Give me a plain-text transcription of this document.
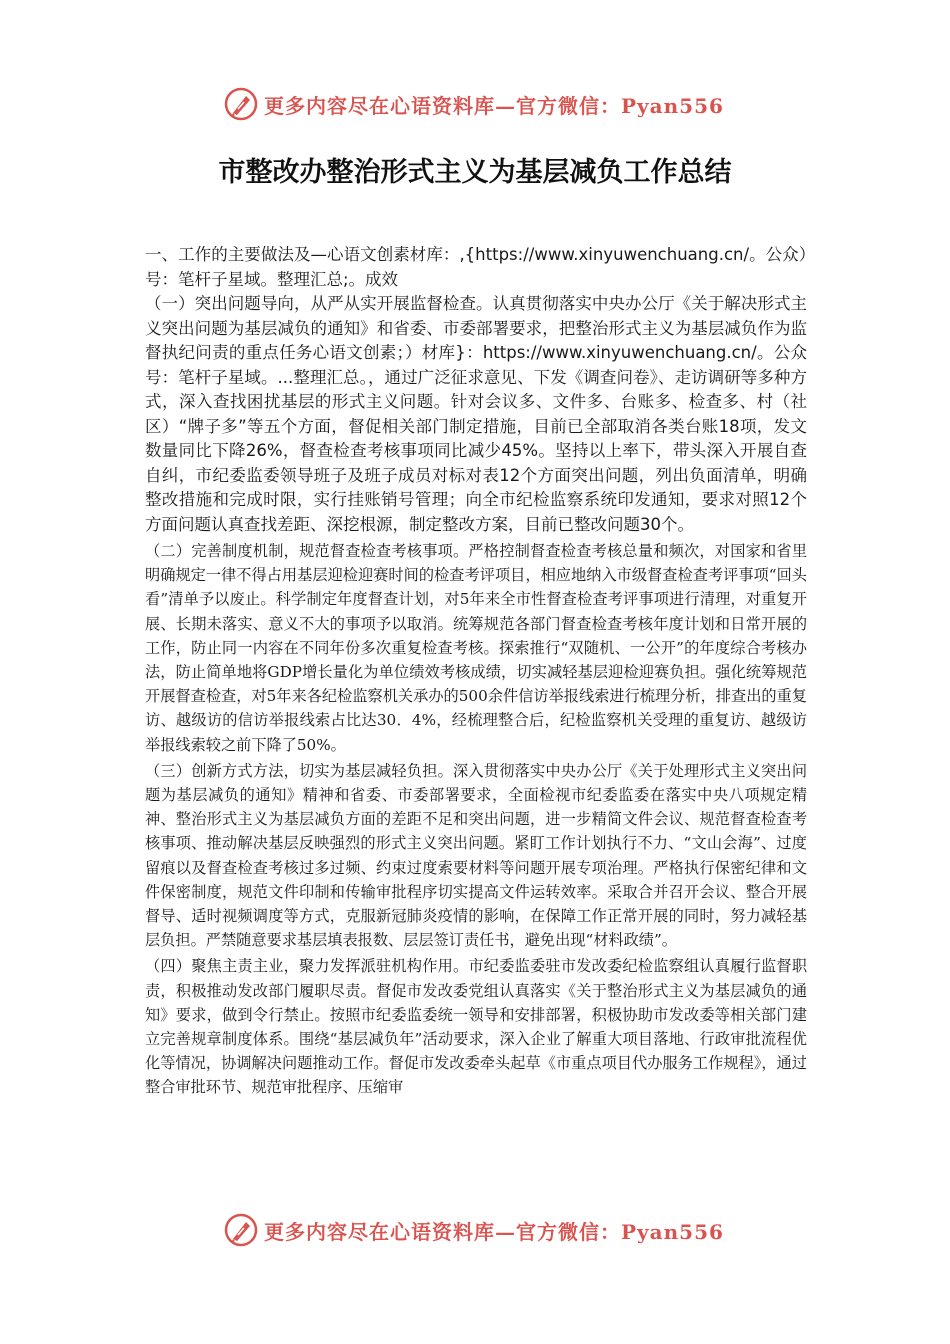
更多内容尽在心语资料库—官方微信：Pyan556
市整改办整治形式主义为基层减负工作总结

一、工作的主要做法及—心语文创素材库：,{https://www.xinyuwenchuang.cn/。公众）号：笔杆子星域。整理汇总;。成效

（一）突出问题导向，从严从实开展监督检查。认真贯彻落实中央办公厅《关于解决形式主义突出问题为基层减负的通知》和省委、市委部署要求，把整治形式主义为基层减负作为监督执纪问责的重点任务心语文创素；）材库}：https://www.xinyuwenchuang.cn/。公众号：笔杆子星域。...整理汇总。，通过广泛征求意见、下发《调查问卷》、走访调研等多种方式，深入查找困扰基层的形式主义问题。针对会议多、文件多、台账多、检查多、村（社区）“牌子多”等五个方面，督促相关部门制定措施，目前已全部取消各类台账18项，发文数量同比下降26%，督查检查考核事项同比减少45%。坚持以上率下，带头深入开展自查自纠，市纪委监委领导班子及班子成员对标对表12个方面突出问题，列出负面清单，明确整改措施和完成时限，实行挂账销号管理；向全市纪检监察系统印发通知，要求对照12个方面问题认真查找差距、深挖根源，制定整改方案，目前已整改问题30个。

（二）完善制度机制，规范督查检查考核事项。严格控制督查检查考核总量和频次，对国家和省里明确规定一律不得占用基层迎检迎赛时间的检查考评项目，相应地纳入市级督查检查考评事项“回头看”清单予以废止。科学制定年度督查计划，对5年来全市性督查检查考评事项进行清理，对重复开展、长期未落实、意义不大的事项予以取消。统筹规范各部门督查检查考核年度计划和日常开展的工作，防止同一内容在不同年份多次重复检查考核。探索推行“双随机、一公开”的年度综合考核办法，防止简单地将GDP增长量化为单位绩效考核成绩，切实减轻基层迎检迎赛负担。强化统筹规范开展督查检查，对5年来各纪检监察机关承办的500余件信访举报线索进行梳理分析，排查出的重复访、越级访的信访举报线索占比达30．4%，经梳理整合后，纪检监察机关受理的重复访、越级访举报线索较之前下降了50%。

（三）创新方式方法，切实为基层减轻负担。深入贯彻落实中央办公厅《关于处理形式主义突出问题为基层减负的通知》精神和省委、市委部署要求，全面检视市纪委监委在落实中央八项规定精神、整治形式主义为基层减负方面的差距不足和突出问题，进一步精简文件会议、规范督查检查考核事项、推动解决基层反映强烈的形式主义突出问题。紧盯工作计划执行不力、“文山会海”、过度留痕以及督查检查考核过多过频、约束过度索要材料等问题开展专项治理。严格执行保密纪律和文件保密制度，规范文件印制和传输审批程序切实提高文件运转效率。采取合并召开会议、整合开展督导、适时视频调度等方式，克服新冠肺炎疫情的影响，在保障工作正常开展的同时，努力减轻基层负担。严禁随意要求基层填表报数、层层签订责任书，避免出现“材料政绩”。

（四）聚焦主责主业，聚力发挥派驻机构作用。市纪委监委驻市发改委纪检监察组认真履行监督职责，积极推动发改部门履职尽责。督促市发改委党组认真落实《关于整治形式主义为基层减负的通知》要求，做到令行禁止。按照市纪委监委统一领导和安排部署，积极协助市发改委等相关部门建立完善规章制度体系。围绕“基层减负年”活动要求，深入企业了解重大项目落地、行政审批流程优化等情况，协调解决问题推动工作。督促市发改委牵头起草《市重点项目代办服务工作规程》，通过整合审批环节、规范审批程序、压缩审

更多内容尽在心语资料库—官方微信：Pyan556
